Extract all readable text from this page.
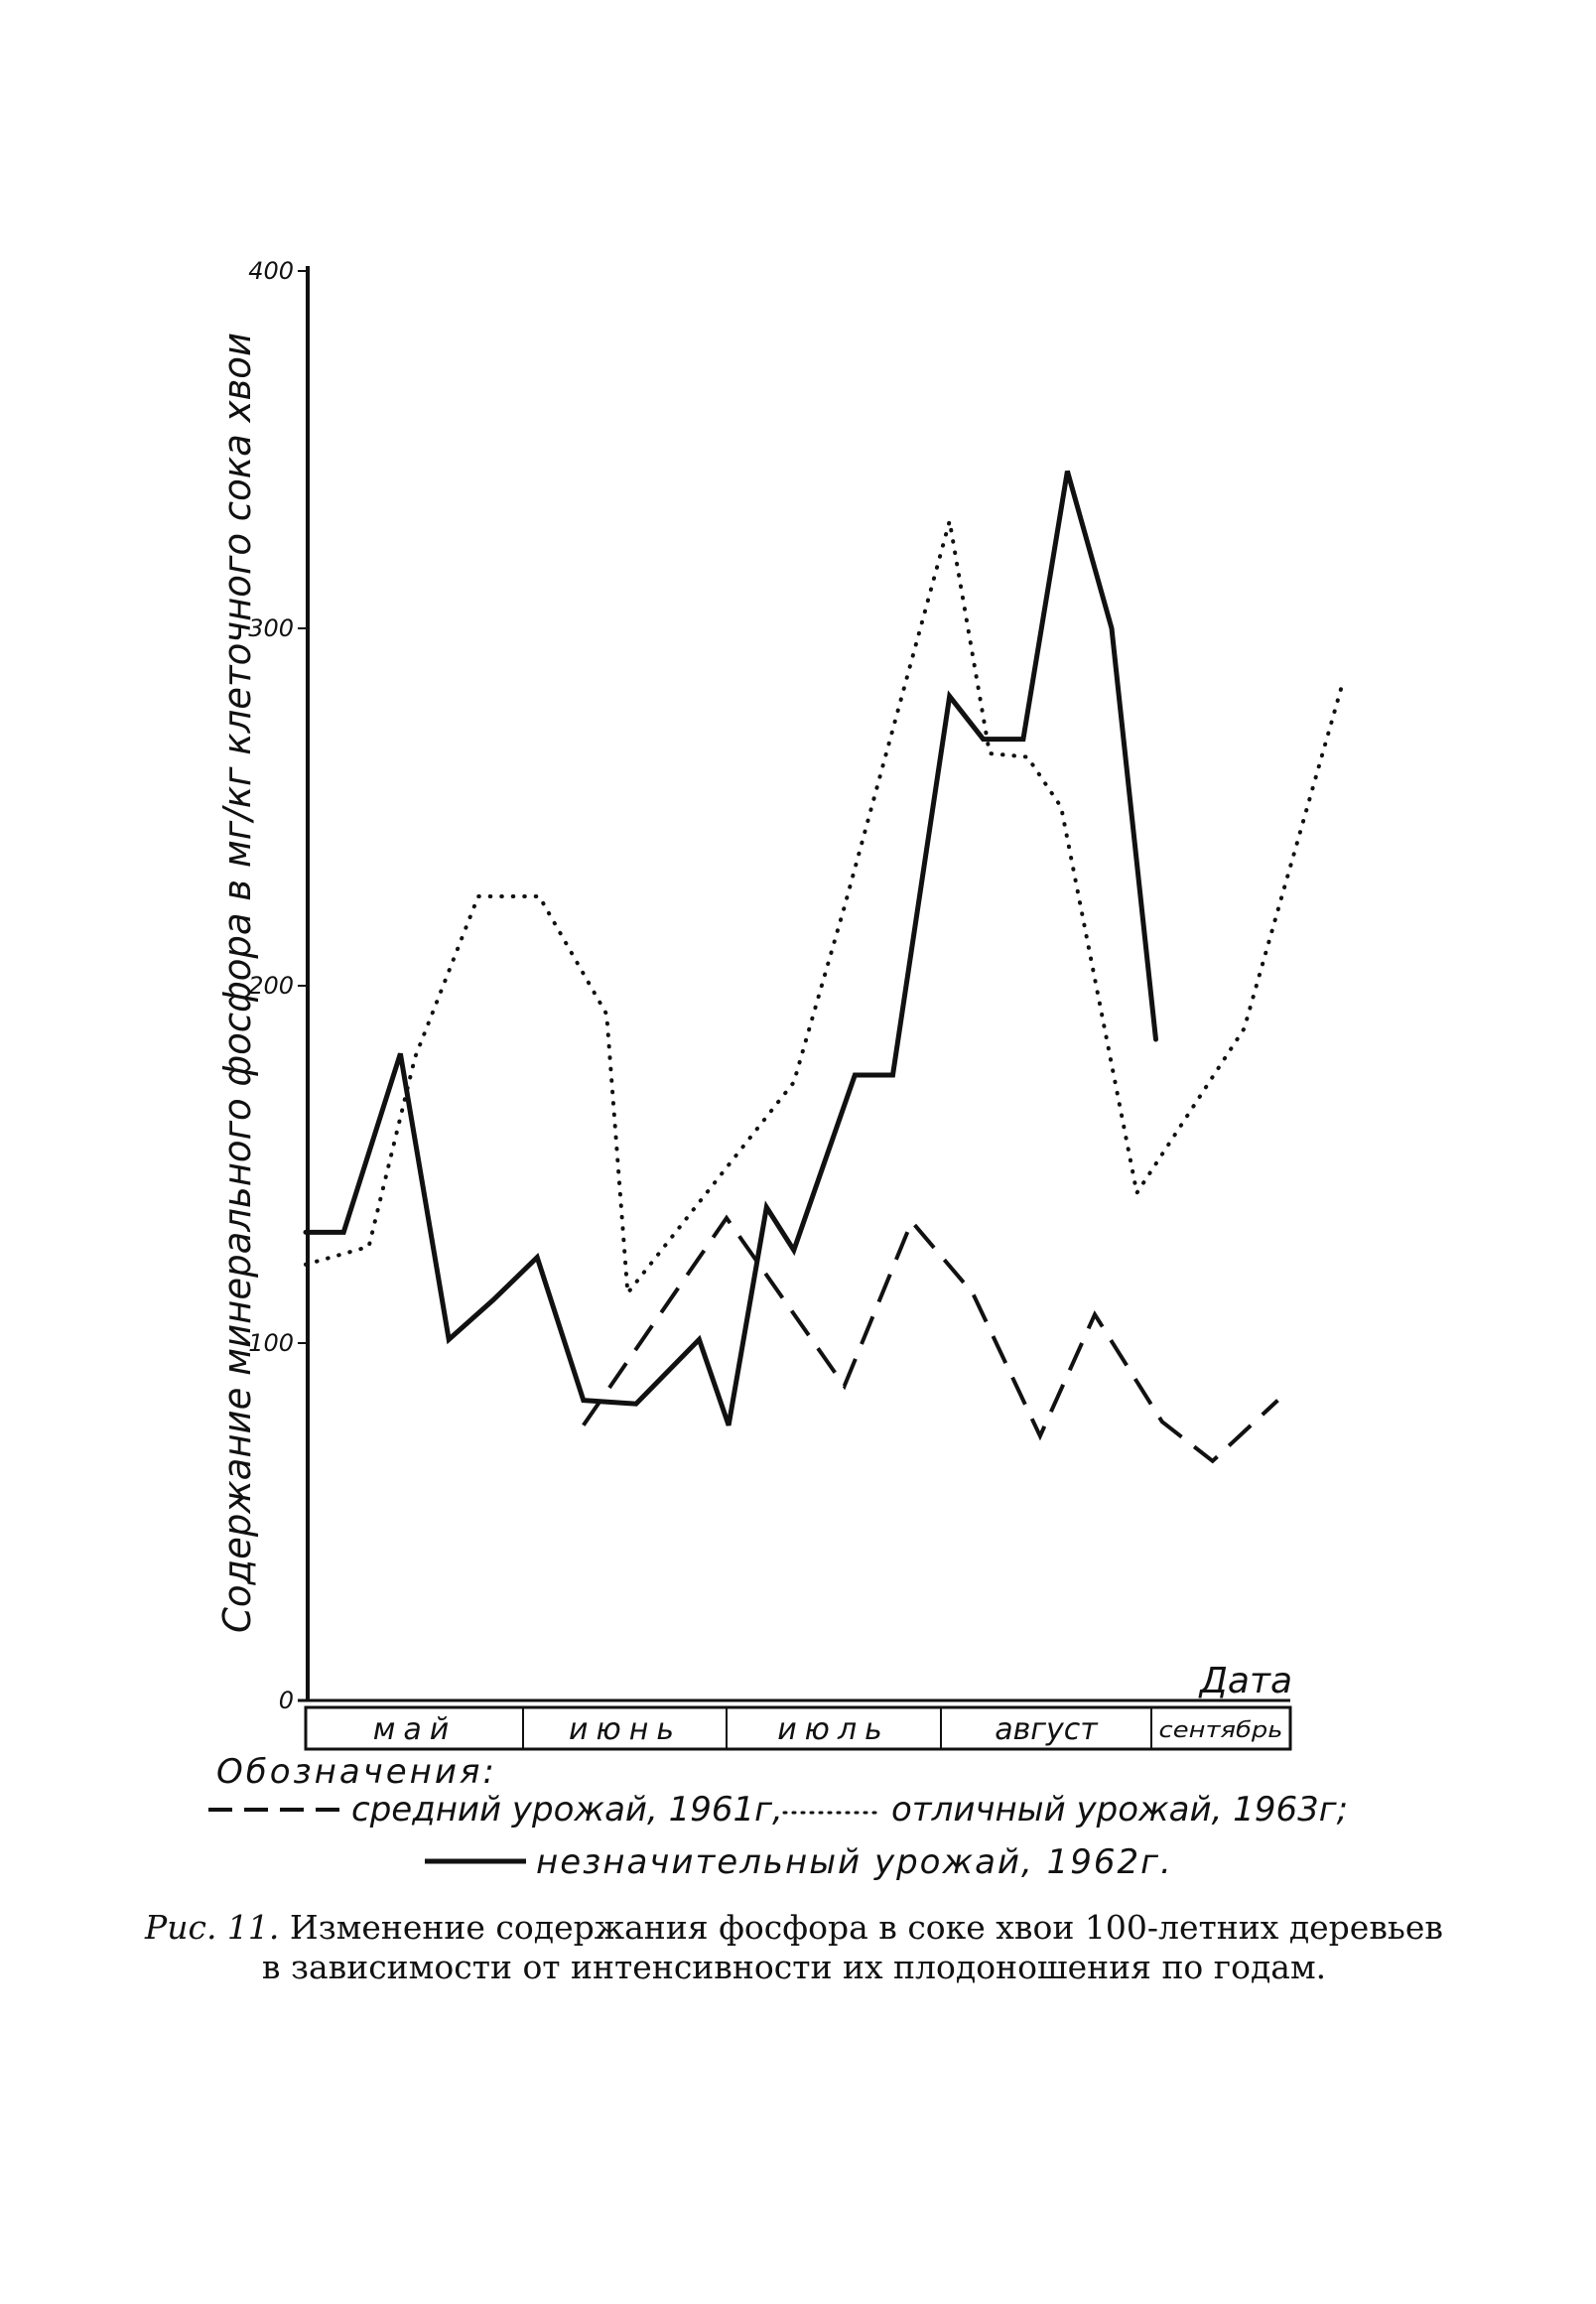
0
100
200
300
400
Содержание минерального фосфора в мг/кг клеточного сока хвои
Дата
май	июнь	июль	август	сентябрь
Обозначения:
средний урожай, 1961г,	отличный урожай, 1963г;
незначительный урожай, 1962г.
Рис. 11. Изменение содержания фосфора в соке хвои 100-летних деревьев
в зависимости от интенсивности их плодоношения по годам.
